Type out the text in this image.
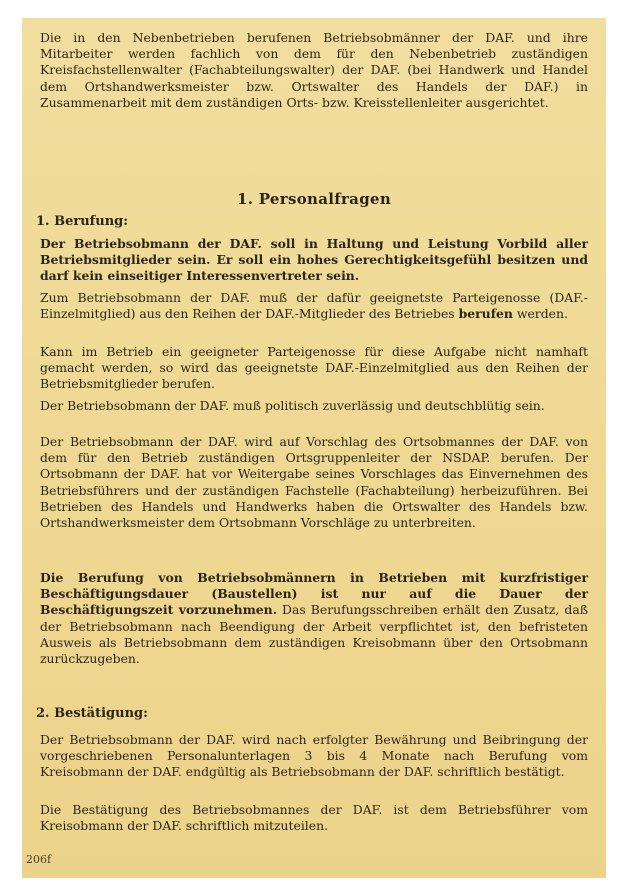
Die in den Nebenbetrieben berufenen Betriebsobmänner der DAF. und ihre Mitarbeiter werden fachlich von dem für den Nebenbetrieb zuständigen Kreisfachstellenwalter (Fachabteilungswalter) der DAF. (bei Handwerk und Handel dem Ortshandwerksmeister bzw. Ortswalter des Handels der DAF.) in Zusammenarbeit mit dem zuständigen Orts- bzw. Kreisstellenleiter ausgerichtet.

1. Personalfragen
1. Berufung:

Der Betriebsobmann der DAF. soll in Haltung und Leistung Vorbild aller Betriebsmitglieder sein. Er soll ein hohes Gerechtigkeitsgefühl besitzen und darf kein einseitiger Interessenvertreter sein.

Zum Betriebsobmann der DAF. muß der dafür geeignetste Parteigenosse (DAF.-Einzelmitglied) aus den Reihen der DAF.-Mitglieder des Betriebes berufen werden.

Kann im Betrieb ein geeigneter Parteigenosse für diese Aufgabe nicht namhaft gemacht werden, so wird das geeignetste DAF.-Einzelmitglied aus den Reihen der Betriebsmitglieder berufen.

Der Betriebsobmann der DAF. muß politisch zuverlässig und deutschblütig sein.

Der Betriebsobmann der DAF. wird auf Vorschlag des Ortsobmannes der DAF. von dem für den Betrieb zuständigen Ortsgruppenleiter der NSDAP. berufen. Der Ortsobmann der DAF. hat vor Weitergabe seines Vorschlages das Einvernehmen des Betriebsführers und der zuständigen Fachstelle (Fachabteilung) herbeizuführen. Bei Betrieben des Handels und Handwerks haben die Ortswalter des Handels bzw. Ortshandwerksmeister dem Ortsobmann Vorschläge zu unterbreiten.

Die Berufung von Betriebsobmännern in Betrieben mit kurzfristiger Beschäftigungsdauer (Baustellen) ist nur auf die Dauer der Beschäftigungszeit vorzunehmen. Das Berufungsschreiben erhält den Zusatz, daß der Betriebsobmann nach Beendigung der Arbeit verpflichtet ist, den befristeten Ausweis als Betriebsobmann dem zuständigen Kreisobmann über den Ortsobmann zurückzugeben.

2. Bestätigung:

Der Betriebsobmann der DAF. wird nach erfolgter Bewährung und Beibringung der vorgeschriebenen Personalunterlagen 3 bis 4 Monate nach Berufung vom Kreisobmann der DAF. endgültig als Betriebsobmann der DAF. schriftlich bestätigt.

Die Bestätigung des Betriebsobmannes der DAF. ist dem Betriebsführer vom Kreisobmann der DAF. schriftlich mitzuteilen.

206f
